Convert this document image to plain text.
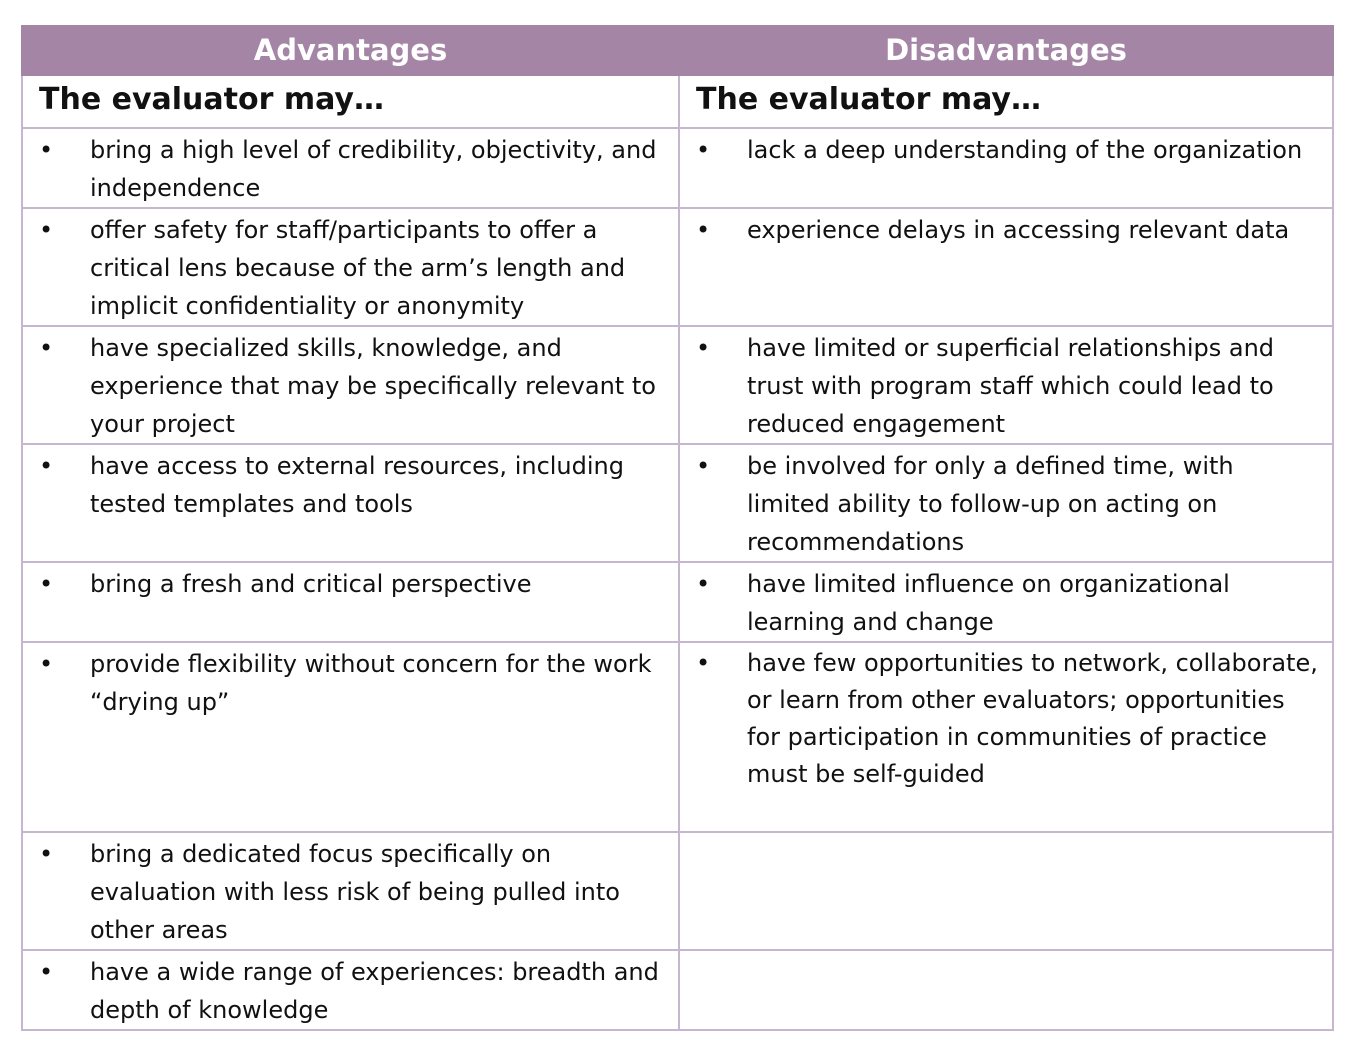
Advantages	Disadvantages
The evaluator may…	The evaluator may…

• bring a high level of credibility, objectivity, and independence	• lack a deep understanding of the organization

• offer safety for staff/participants to offer a critical lens because of the arm’s length and implicit confidentiality or anonymity	• experience delays in accessing relevant data

• have specialized skills, knowledge, and experience that may be specifically relevant to your project	• have limited or superficial relationships and trust with program staff which could lead to reduced engagement

• have access to external resources, including tested templates and tools	• be involved for only a defined time, with limited ability to follow-up on acting on recommendations

• bring a fresh and critical perspective	• have limited influence on organizational learning and change

• provide flexibility without concern for the work “drying up”	• have few opportunities to network, collaborate, or learn from other evaluators; opportunities for participation in communities of practice must be self-guided

• bring a dedicated focus specifically on evaluation with less risk of being pulled into other areas	

• have a wide range of experiences: breadth and depth of knowledge	
